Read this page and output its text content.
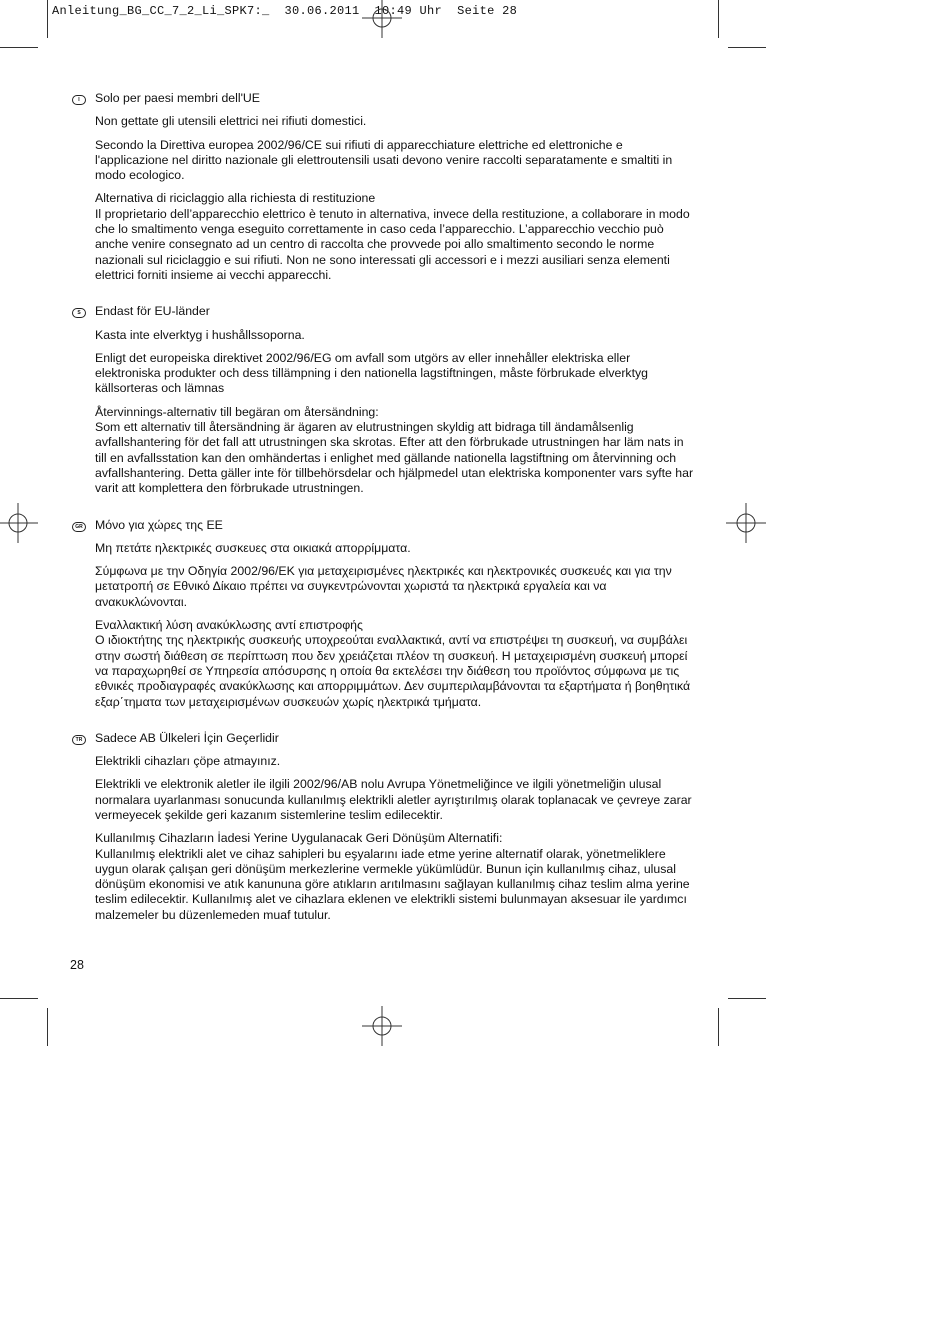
Anleitung_BG_CC_7_2_Li_SPK7:_  30.06.2011  10:49 Uhr  Seite 28
I	Solo per paesi membri dell'UE
Non gettate gli utensili elettrici nei rifiuti domestici.
Secondo la Direttiva europea 2002/96/CE sui rifiuti di apparecchiature elettriche ed elettroniche e l'applicazione nel diritto nazionale gli elettroutensili usati devono venire raccolti separatamente e smaltiti in modo ecologico.
Alternativa di riciclaggio alla richiesta di restituzione
Il proprietario dell’apparecchio elettrico è tenuto in alternativa, invece della restituzione, a collaborare in modo che lo smaltimento venga eseguito correttamente in caso ceda l’apparecchio. L’apparecchio vecchio può anche venire consegnato ad un centro di raccolta che provvede poi allo smaltimento secondo le norme nazionali sul riciclaggio e sui rifiuti. Non ne sono interessati gli accessori e i mezzi ausiliari senza elementi elettrici forniti insieme ai vecchi apparecchi.
S	Endast för EU-länder
Kasta inte elverktyg i hushållssoporna.
Enligt det europeiska direktivet 2002/96/EG om avfall som utgörs av eller innehåller elektriska eller elektroniska produkter och dess tillämpning i den nationella lagstiftningen, måste förbrukade elverktyg källsorteras och lämnas
Återvinnings-alternativ till begäran om återsändning:
Som ett alternativ till återsändning är ägaren av elutrustningen skyldig att bidraga till ändamålsenlig avfallshantering för det fall att utrustningen ska skrotas. Efter att den förbrukade utrustningen har läm nats in till en avfallsstation kan den omhändertas i enlighet med gällande nationella lagstiftning om återvinning och avfallshantering. Detta gäller inte för tillbehörsdelar och hjälpmedel utan elektriska komponenter vars syfte har varit att komplettera den förbrukade utrustningen.
GR Μόνο για χώρες της ΕΕ
Μη πετάτε ηλεκτρικές συσκευες στα οικιακά απορρίμματα.
Σύμφωνα με την Οδηγία 2002/96/ΕΚ για μεταχειρισμένες ηλεκτρικές και ηλεκτρονικές συσκευές και για την μετατροπή σε Εθνικό Δίκαιο πρέπει να συγκεντρώνονται χωριστά τα ηλεκτρικά εργαλεία και να ανακυκλώνονται.
Εναλλακτική λύση ανακύκλωσης αντί επιστροφής
Ο ιδιοκτήτης της ηλεκτρικής συσκευής υποχρεούται εναλλακτικά, αντί να επιστρέψει τη συσκευή, να συμβάλει στην σωστή διάθεση σε περίπτωση που δεν χρειάζεται πλέον τη συσκευή. Η μεταχειρισμένη συσκευή μπορεί να παραχωρηθεί σε Υπηρεσία απόσυρσης η οποία θα εκτελέσει την διάθεση του προϊόντος σύμφωνα με τις εθνικές προδιαγραφές ανακύκλωσης και απορριμμάτων. Δεν συμπεριλαμβάνονται τα εξαρτήματα ή βοηθητικά εξαρ΄τηματα των μεταχειρισμένων συσκευών χωρίς ηλεκτρικά τμήματα.
TR Sadece AB Ülkeleri İçin Geçerlidir
Elektrikli cihazları çöpe atmayınız.
Elektrikli ve elektronik aletler ile ilgili 2002/96/AB nolu Avrupa Yönetmeliğince ve ilgili yönetmeliğin ulusal normalara uyarlanması sonucunda kullanılmış elektrikli aletler ayrıştırılmış olarak toplanacak ve çevreye zarar vermeyecek şekilde geri kazanım sistemlerine teslim edilecektir.
Kullanılmış Cihazların İadesi Yerine Uygulanacak Geri Dönüşüm Alternatifi:
Kullanılmış elektrikli alet ve cihaz sahipleri bu eşyalarını iade etme yerine alternatif olarak, yönetmeliklere uygun olarak çalışan geri dönüşüm merkezlerine vermekle yükümlüdür. Bunun için kullanılmış cihaz, ulusal dönüşüm ekonomisi ve atık kanununa göre atıkların arıtılmasını sağlayan kullanılmış cihaz teslim alma yerine teslim edilecektir. Kullanılmış alet ve cihazlara eklenen ve elektrikli sistemi bulunmayan aksesuar ile yardımcı malzemeler bu düzenlemeden muaf tutulur.
28
